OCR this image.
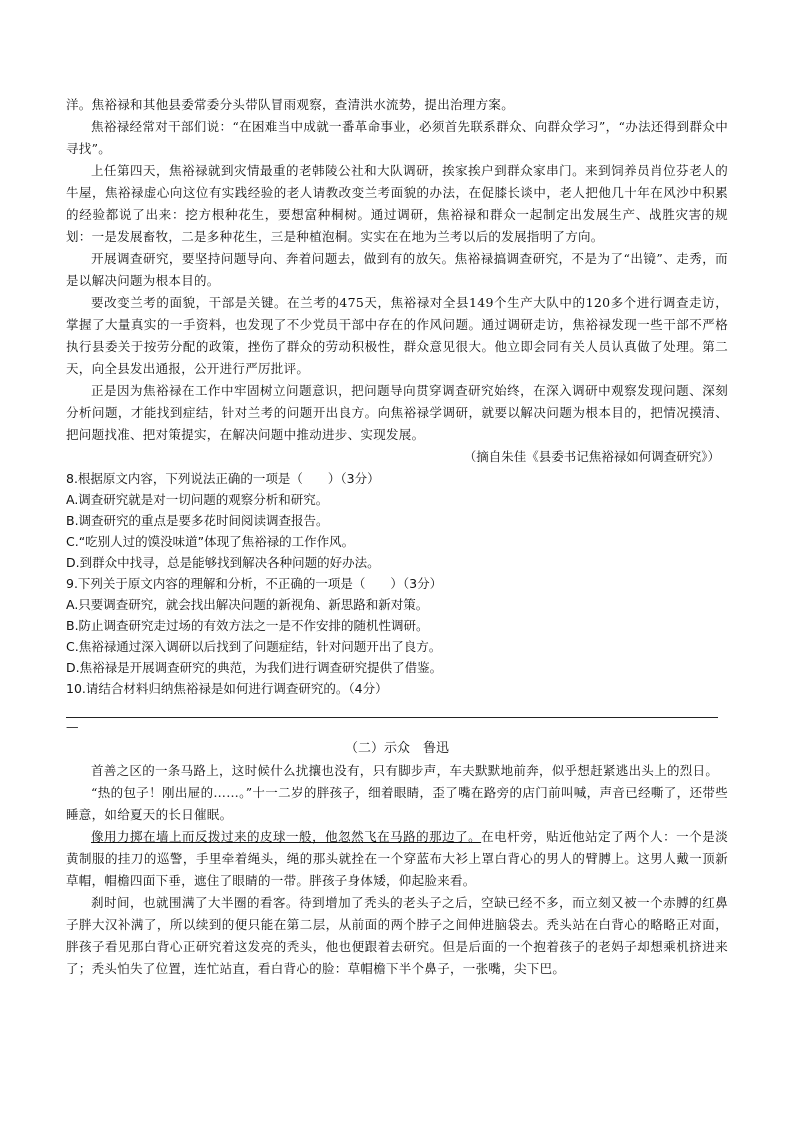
洋。焦裕禄和其他县委常委分头带队冒雨观察，查清洪水流势，提出治理方案。

焦裕禄经常对干部们说：“在困难当中成就一番革命事业，必须首先联系群众、向群众学习”，“办法还得到群众中寻找”。

上任第四天，焦裕禄就到灾情最重的老韩陵公社和大队调研，挨家挨户到群众家串门。来到饲养员肖位芬老人的牛屋，焦裕禄虚心向这位有实践经验的老人请教改变兰考面貌的办法，在促膝长谈中，老人把他几十年在风沙中积累的经验都说了出来：挖方根种花生，要想富种桐树。通过调研，焦裕禄和群众一起制定出发展生产、战胜灾害的规划：一是发展畜牧，二是多种花生，三是种植泡桐。实实在在地为兰考以后的发展指明了方向。

开展调查研究，要坚持问题导向、奔着问题去，做到有的放矢。焦裕禄搞调查研究，不是为了“出镜”、走秀，而是以解决问题为根本目的。

要改变兰考的面貌，干部是关键。在兰考的475天，焦裕禄对全县149个生产大队中的120多个进行调查走访，掌握了大量真实的一手资料，也发现了不少党员干部中存在的作风问题。通过调研走访，焦裕禄发现一些干部不严格执行县委关于按劳分配的政策，挫伤了群众的劳动积极性，群众意见很大。他立即会同有关人员认真做了处理。第二天，向全县发出通报，公开进行严厉批评。

正是因为焦裕禄在工作中牢固树立问题意识，把问题导向贯穿调查研究始终，在深入调研中观察发现问题、深刻分析问题，才能找到症结，针对兰考的问题开出良方。向焦裕禄学调研，就要以解决问题为根本目的，把情况摸清、把问题找准、把对策提实，在解决问题中推动进步、实现发展。

（摘自朱佳《县委书记焦裕禄如何调查研究》）

8.根据原文内容，下列说法正确的一项是（　　）（3分）

A.调查研究就是对一切问题的观察分析和研究。

B.调查研究的重点是要多花时间阅读调查报告。

C.“吃别人过的馍没味道”体现了焦裕禄的工作作风。

D.到群众中找寻，总是能够找到解决各种问题的好办法。

9.下列关于原文内容的理解和分析，不正确的一项是（　　）（3分）

A.只要调查研究，就会找出解决问题的新视角、新思路和新对策。

B.防止调查研究走过场的有效方法之一是不作安排的随机性调研。

C.焦裕禄通过深入调研以后找到了问题症结，针对问题开出了良方。

D.焦裕禄是开展调查研究的典范，为我们进行调查研究提供了借鉴。

10.请结合材料归纳焦裕禄是如何进行调查研究的。（4分）

—

（二）示众　鲁迅

首善之区的一条马路上，这时候什么扰攘也没有，只有脚步声，车夫默默地前奔，似乎想赶紧逃出头上的烈日。

“热的包子！刚出屉的……。”十一二岁的胖孩子，细着眼睛，歪了嘴在路旁的店门前叫喊，声音已经嘶了，还带些睡意，如给夏天的长日催眠。

像用力掷在墙上而反拨过来的皮球一般，他忽然飞在马路的那边了。在电杆旁，贴近他站定了两个人：一个是淡黄制服的挂刀的巡警，手里牵着绳头，绳的那头就拴在一个穿蓝布大衫上罩白背心的男人的臂膊上。这男人戴一顶新草帽，帽檐四面下垂，遮住了眼睛的一带。胖孩子身体矮，仰起脸来看。

刹时间，也就围满了大半圈的看客。待到增加了秃头的老头子之后，空缺已经不多，而立刻又被一个赤膊的红鼻子胖大汉补满了，所以续到的便只能在第二层，从前面的两个脖子之间伸进脑袋去。秃头站在白背心的略略正对面，胖孩子看见那白背心正研究着这发亮的秃头，他也便跟着去研究。但是后面的一个抱着孩子的老妈子却想乘机挤进来了；秃头怕失了位置，连忙站直，看白背心的脸：草帽檐下半个鼻子，一张嘴，尖下巴。
